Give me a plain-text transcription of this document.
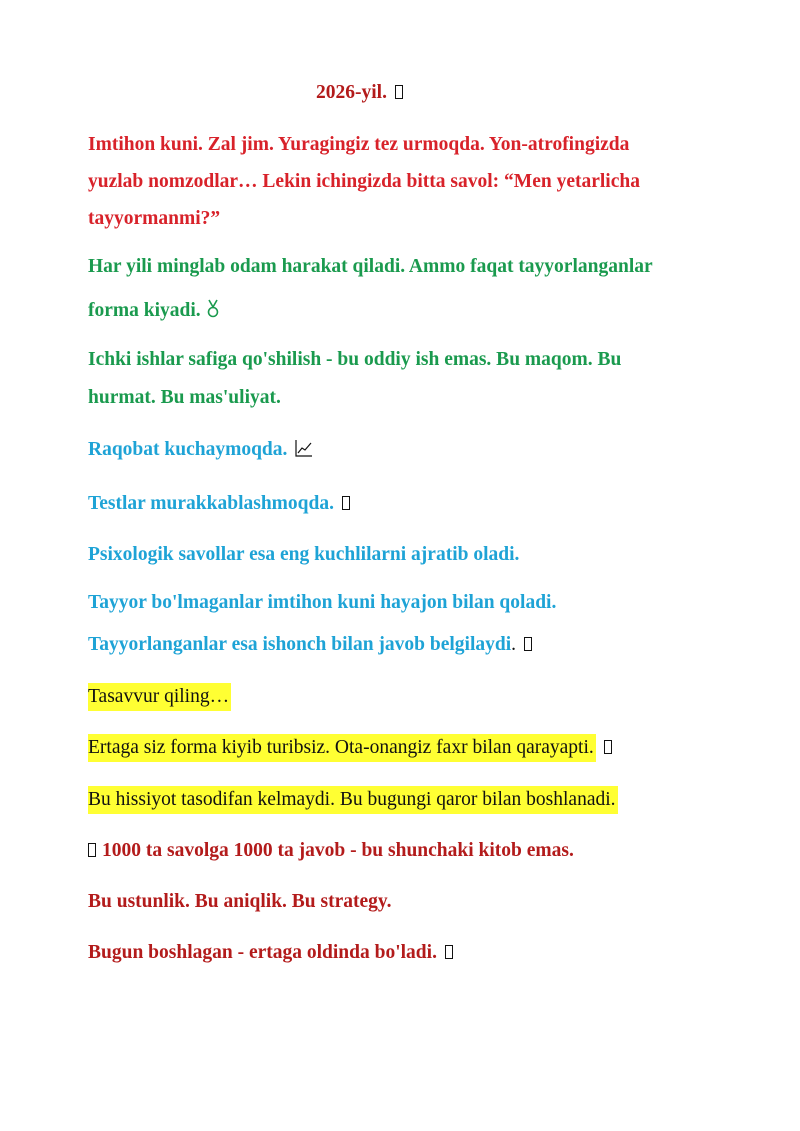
2026-yil.
Imtihon kuni. Zal jim. Yuragingiz tez urmoqda. Yon-atrofingizda
yuzlab nomzodlar… Lekin ichingizda bitta savol: “Men yetarlicha
tayyormanmi?”
Har yili minglab odam harakat qiladi. Ammo faqat tayyorlanganlar
forma kiyadi.
Ichki ishlar safiga qo'shilish - bu oddiy ish emas. Bu maqom. Bu
hurmat. Bu mas'uliyat.
Raqobat kuchaymoqda.
Testlar murakkablashmoqda.
Psixologik savollar esa eng kuchlilarni ajratib oladi.
Tayyor bo'lmaganlar imtihon kuni hayajon bilan qoladi.
Tayyorlanganlar esa ishonch bilan javob belgilaydi.
Tasavvur qiling…
Ertaga siz forma kiyib turibsiz. Ota-onangiz faxr bilan qarayapti.
Bu hissiyot tasodifan kelmaydi. Bu bugungi qaror bilan boshlanadi.
1000 ta savolga 1000 ta javob - bu shunchaki kitob emas.
Bu ustunlik. Bu aniqlik. Bu strategy.
Bugun boshlagan - ertaga oldinda bo'ladi.
